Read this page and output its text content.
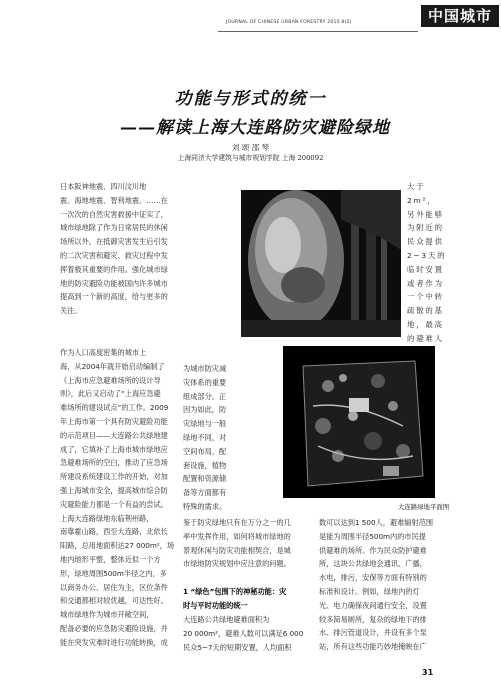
JOURNAL OF CHINESE URBAN FORESTRY 2010 8(2)	中国城市林业
功能与形式的统一
——解读上海大连路防灾避险绿地
刘 颂 邵 琴
上海同济大学建筑与城市规划学院 上海 200092
日本阪神地震、四川汶川地
震、海地地震、智利地震、……在
一次次的自然灾害救援中证实了，
城市绿地除了作为日常居民的休闲
场所以外，在抵御灾害发生后引发
的二次灾害和避灾、救灾过程中发
挥着极其重要的作用。强化城市绿
地的防灾避险功能被国内许多城市
提高到一个新的高度，给与更多的
关注。
大于2m²，
另外能够
为附近的
民众提供
2~3天的
临时安置
或者作为
一个中转
疏散的基
地，最高
的避难人
作为人口高度密集的城市上
海，从2004年就开始启动编制了
《上海市应急避难场所的设计导
则》，此后又启动了“上海应急避
难场所的建设试点”的工作。2009
年上海市第一个具有防灾避险功能
的示范项目——大连路公共绿地建
成了，它填补了上海市城市绿地应
急避难场所的空白，推动了应急场
所建设系统建设工作的开始，对加
强上海城市安全，提高城市综合防
灾避险能力都是一个有益的尝试。
上海大连路绿地东临荆州路，
南靠霍山路，西至大连路，北依长
阳路，总用地面积达27 000m²，场
地内地形平整，整体近似一个方
形，绿地周围500m半径之内，多
以商务办公、居住为主，区位条件
和交通都相对较优越，可达性好。
城市绿地作为城市开敞空间，
配备必要的应急防灾避险设施，并
能在突发灾难时进行功能转换，成
为城市防灾减
灾体系的重要
组成部分。正
因为如此，防
灾绿地与一般
绿地不同，对
空间布局、配
套设施，植物
配置和资源储
备等方面都有
特殊的需求。	大连路绿地平面图
鉴于防灾绿地只有在万分之一的几
率中发挥作用，如何将城市绿地的
景观休闲与防灾功能相契合，是城
市绿地防灾规划中应注意的问题。
1 “绿色”包围下的神秘功能：灾
时与平时功能的统一
大连路公共绿地避难面积为
20 000m²，避难人数可以满足6 000
民众5~7天的短期安置，人均面积
数可以达到1 500人，避难辐射范围
是能为周围半径500m内的市民提
供避难的场所。作为民众防护避难
所，这块公共绿地会通讯、广播，
水电，排污，安保等方面有特别的
标准和设计。例如，绿地内的灯
光、电力确保夜间通行安全，设置
较多简易厕所，复杂的绿地下的排
水、排污管道设计，并设有多个泵
站，所有这些功能巧妙地掩映在广
31
